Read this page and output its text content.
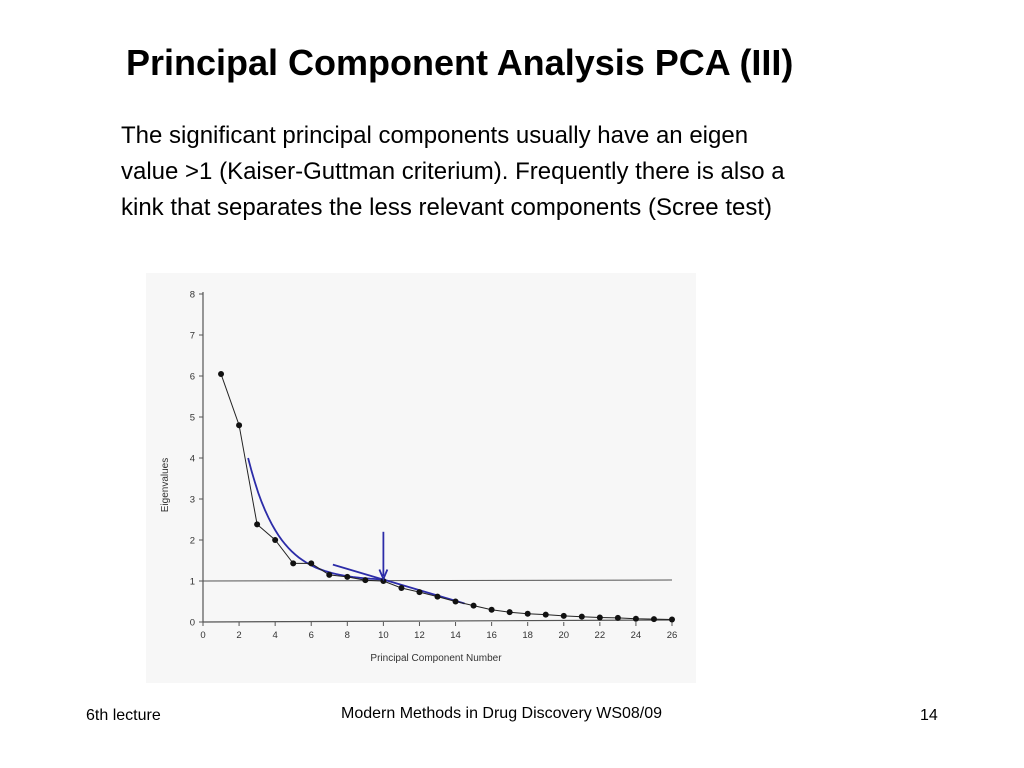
Principal Component Analysis PCA (III)
The significant principal components usually have an eigen
value >1 (Kaiser-Guttman criterium). Frequently there is also a
kink that separates the less relevant components (Scree test)
0
1
2
3
4
5
6
7
8
0	2	4	6	8	10	12	14	16	18	20	22	24	26
Eigenvalues
Principal Component Number
6th lecture	Modern Methods in Drug Discovery WS08/09	14
